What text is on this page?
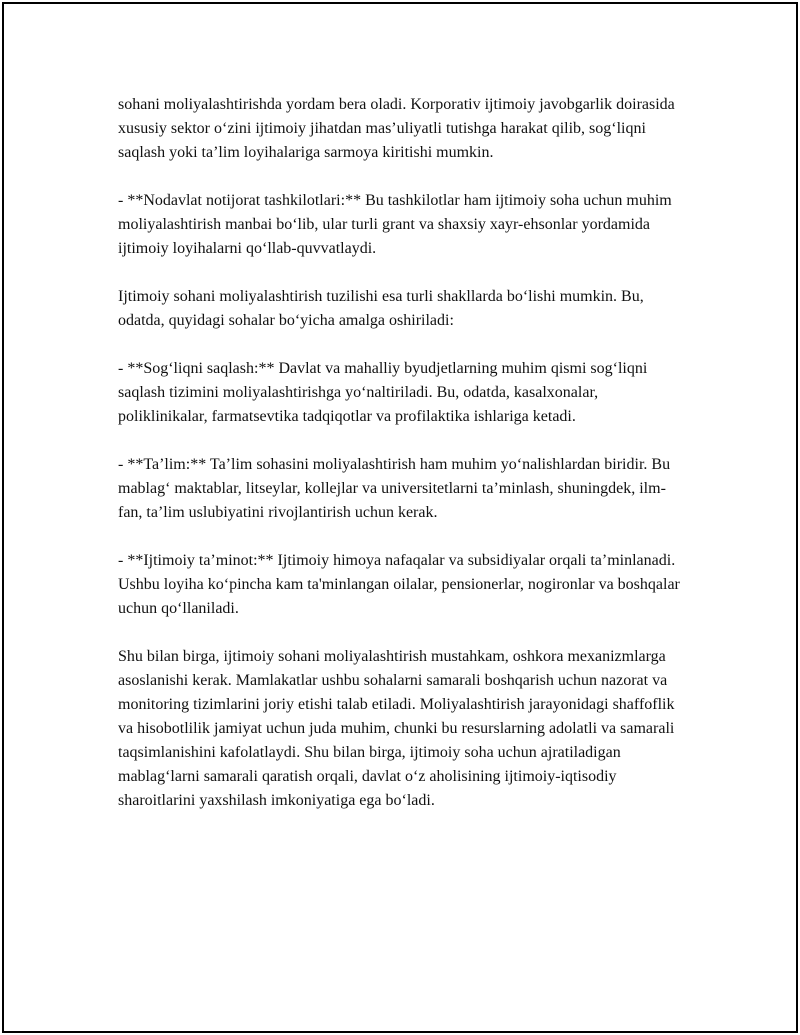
sohani moliyalashtirishda yordam bera oladi. Korporativ ijtimoiy javobgarlik doirasida xususiy sektor o‘zini ijtimoiy jihatdan mas’uliyatli tutishga harakat qilib, sog‘liqni saqlash yoki ta’lim loyihalariga sarmoya kiritishi mumkin.

- **Nodavlat notijorat tashkilotlari:** Bu tashkilotlar ham ijtimoiy soha uchun muhim moliyalashtirish manbai bo‘lib, ular turli grant va shaxsiy xayr-ehsonlar yordamida ijtimoiy loyihalarni qo‘llab-quvvatlaydi.

Ijtimoiy sohani moliyalashtirish tuzilishi esa turli shakllarda bo‘lishi mumkin. Bu, odatda, quyidagi sohalar bo‘yicha amalga oshiriladi:

- **Sog‘liqni saqlash:** Davlat va mahalliy byudjetlarning muhim qismi sog‘liqni saqlash tizimini moliyalashtirishga yo‘naltiriladi. Bu, odatda, kasalxonalar, poliklinikalar, farmatsevtika tadqiqotlar va profilaktika ishlariga ketadi.

- **Ta’lim:** Ta’lim sohasini moliyalashtirish ham muhim yo‘nalishlardan biridir. Bu mablag‘ maktablar, litseylar, kollejlar va universitetlarni ta’minlash, shuningdek, ilm-fan, ta’lim uslubiyatini rivojlantirish uchun kerak.

- **Ijtimoiy ta’minot:** Ijtimoiy himoya nafaqalar va subsidiyalar orqali ta’minlanadi. Ushbu loyiha ko‘pincha kam ta'minlangan oilalar, pensionerlar, nogironlar va boshqalar uchun qo‘llaniladi.

Shu bilan birga, ijtimoiy sohani moliyalashtirish mustahkam, oshkora mexanizmlarga asoslanishi kerak. Mamlakatlar ushbu sohalarni samarali boshqarish uchun nazorat va monitoring tizimlarini joriy etishi talab etiladi. Moliyalashtirish jarayonidagi shaffoflik va hisobotlilik jamiyat uchun juda muhim, chunki bu resurslarning adolatli va samarali taqsimlanishini kafolatlaydi. Shu bilan birga, ijtimoiy soha uchun ajratiladigan mablag‘larni samarali qaratish orqali, davlat o‘z aholisining ijtimoiy-iqtisodiy sharoitlarini yaxshilash imkoniyatiga ega bo‘ladi.
